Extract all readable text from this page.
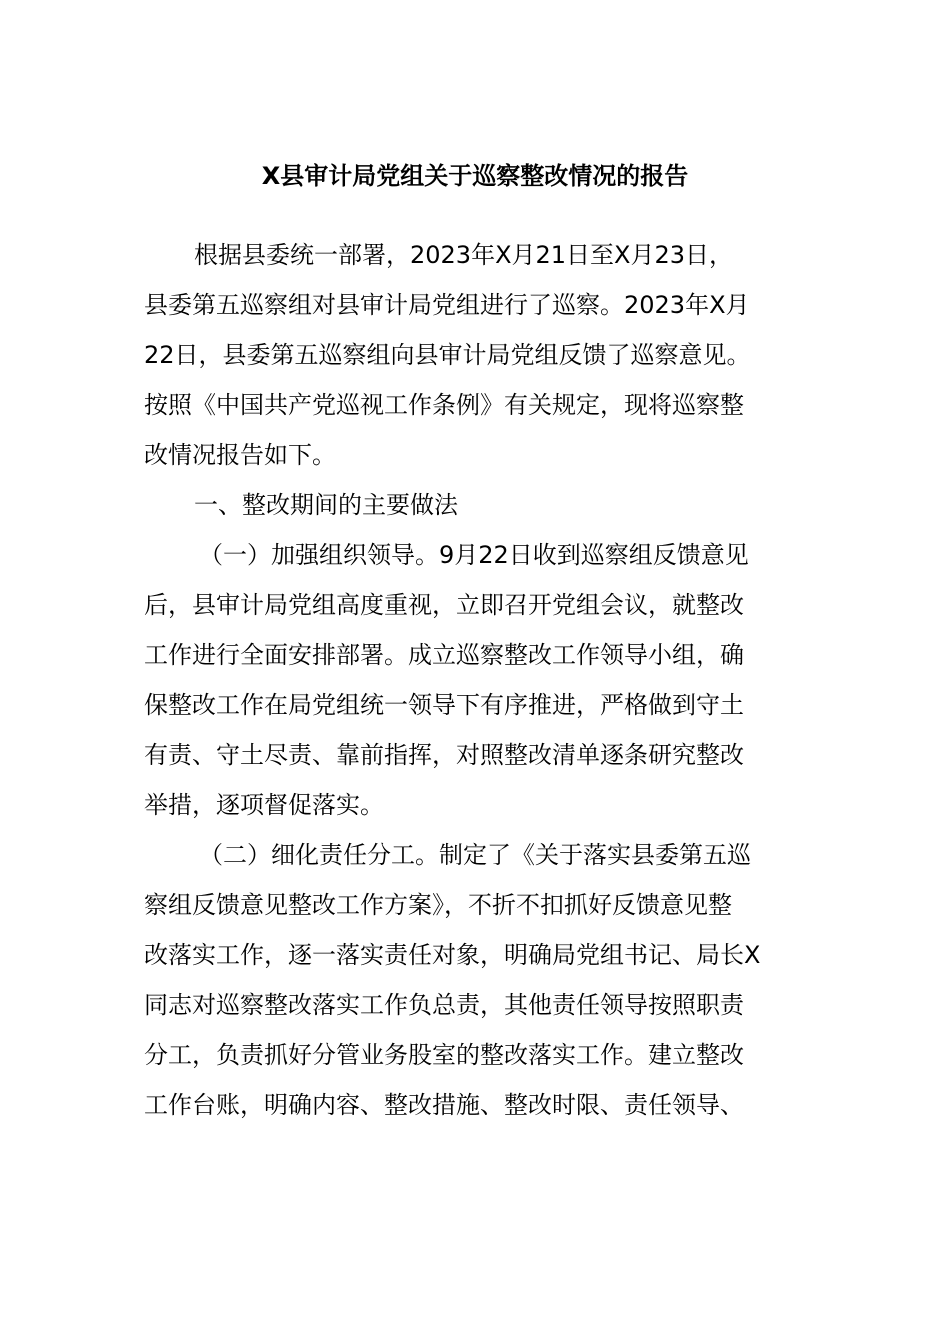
X县审计局党组关于巡察整改情况的报告
根据县委统一部署，2023年X月21日至X月23日，
县委第五巡察组对县审计局党组进行了巡察。2023年X月
22日，县委第五巡察组向县审计局党组反馈了巡察意见。
按照《中国共产党巡视工作条例》有关规定，现将巡察整
改情况报告如下。
一、整改期间的主要做法
（一）加强组织领导。9月22日收到巡察组反馈意见
后，县审计局党组高度重视，立即召开党组会议，就整改
工作进行全面安排部署。成立巡察整改工作领导小组，确
保整改工作在局党组统一领导下有序推进，严格做到守土
有责、守土尽责、靠前指挥，对照整改清单逐条研究整改
举措，逐项督促落实。
（二）细化责任分工。制定了《关于落实县委第五巡
察组反馈意见整改工作方案》，不折不扣抓好反馈意见整
改落实工作，逐一落实责任对象，明确局党组书记、局长X
同志对巡察整改落实工作负总责，其他责任领导按照职责
分工，负责抓好分管业务股室的整改落实工作。建立整改
工作台账，明确内容、整改措施、整改时限、责任领导、
